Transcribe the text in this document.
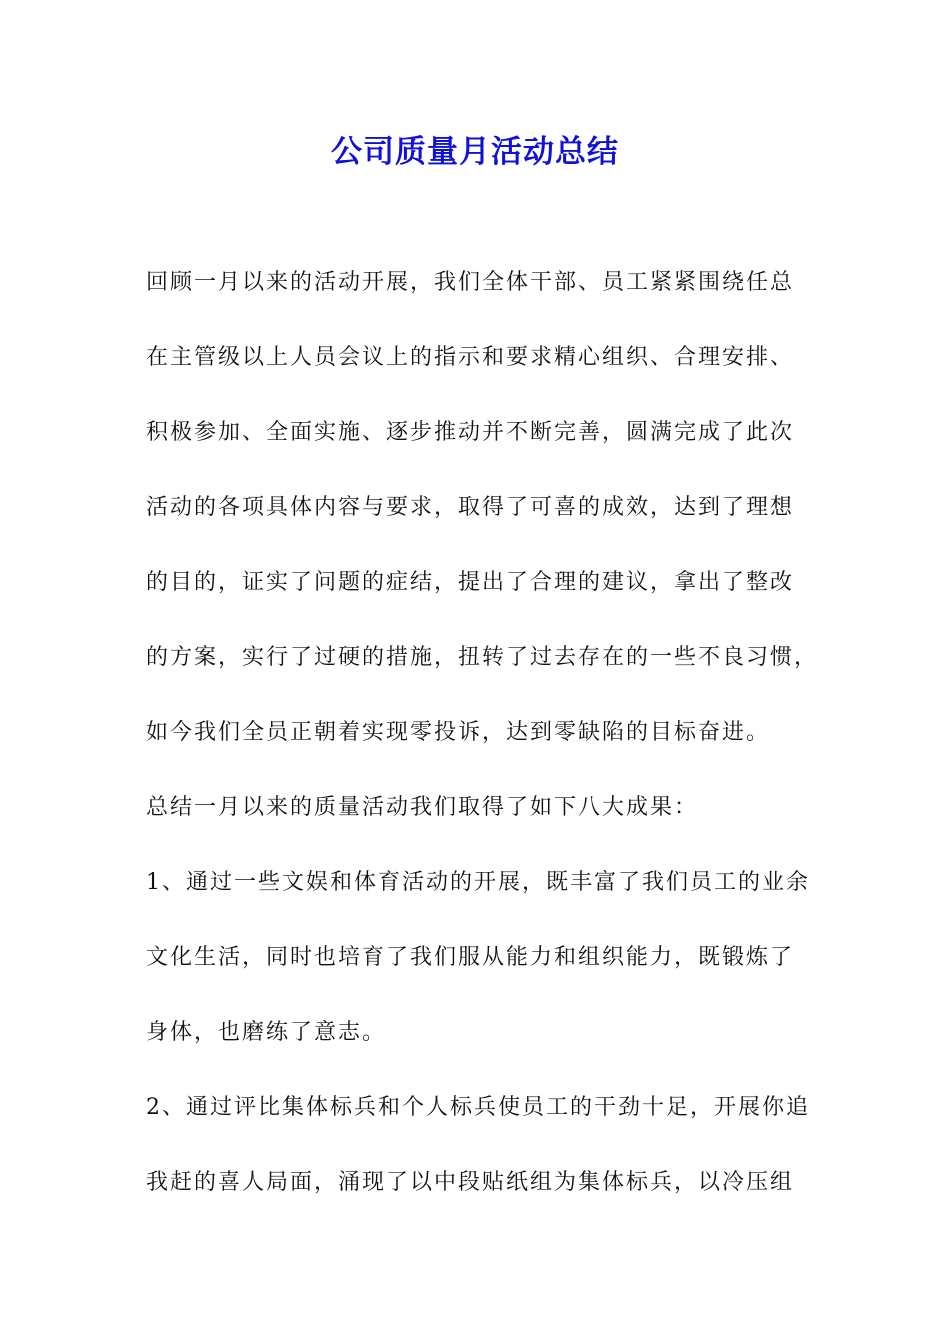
公司质量月活动总结
回顾一月以来的活动开展，我们全体干部、员工紧紧围绕任总
在主管级以上人员会议上的指示和要求精心组织、合理安排、
积极参加、全面实施、逐步推动并不断完善，圆满完成了此次
活动的各项具体内容与要求，取得了可喜的成效，达到了理想
的目的，证实了问题的症结，提出了合理的建议，拿出了整改
的方案，实行了过硬的措施，扭转了过去存在的一些不良习惯，
如今我们全员正朝着实现零投诉，达到零缺陷的目标奋进。
总结一月以来的质量活动我们取得了如下八大成果：
1、通过一些文娱和体育活动的开展，既丰富了我们员工的业余
文化生活，同时也培育了我们服从能力和组织能力，既锻炼了
身体，也磨练了意志。
2、通过评比集体标兵和个人标兵使员工的干劲十足，开展你追
我赶的喜人局面，涌现了以中段贴纸组为集体标兵，以冷压组
